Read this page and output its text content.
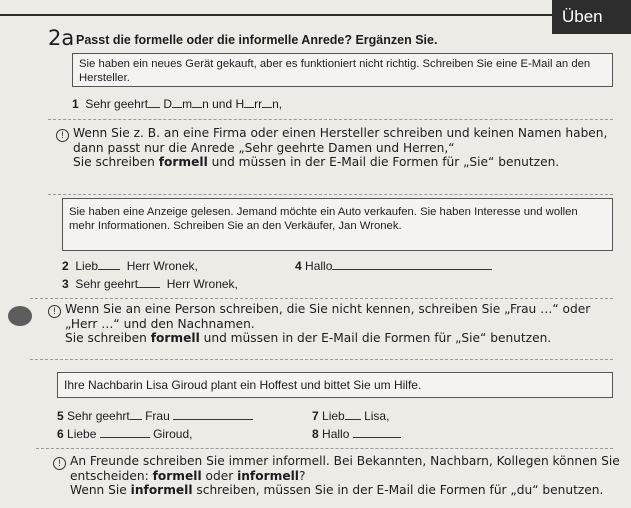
Üben
2a Passt die formelle oder die informelle Anrede? Ergänzen Sie.
Sie haben ein neues Gerät gekauft, aber es funktioniert nicht richtig. Schreiben Sie eine E-Mail an den Hersteller.
1 Sehr geehrt D m n und H rr n,
! Wenn Sie z. B. an eine Firma oder einen Hersteller schreiben und keinen Namen haben,
dann passt nur die Anrede „Sehr geehrte Damen und Herren,“
Sie schreiben formell und müssen in der E-Mail die Formen für „Sie“ benutzen.
Sie haben eine Anzeige gelesen. Jemand möchte ein Auto verkaufen. Sie haben Interesse und wollen mehr Informationen. Schreiben Sie an den Verkäufer, Jan Wronek.
2 Lieb Herr Wronek,	4 Hallo
3 Sehr geehrt Herr Wronek,
! Wenn Sie an eine Person schreiben, die Sie nicht kennen, schreiben Sie „Frau …“ oder
„Herr …“ und den Nachnamen.
Sie schreiben formell und müssen in der E-Mail die Formen für „Sie“ benutzen.
Ihre Nachbarin Lisa Giroud plant ein Hoffest und bittet Sie um Hilfe.
5 Sehr geehrt Frau	7 Lieb Lisa,
6 Liebe	Giroud,	8 Hallo
! An Freunde schreiben Sie immer informell. Bei Bekannten, Nachbarn, Kollegen können Sie
entscheiden: formell oder informell?
Wenn Sie informell schreiben, müssen Sie in der E-Mail die Formen für „du“ benutzen.
